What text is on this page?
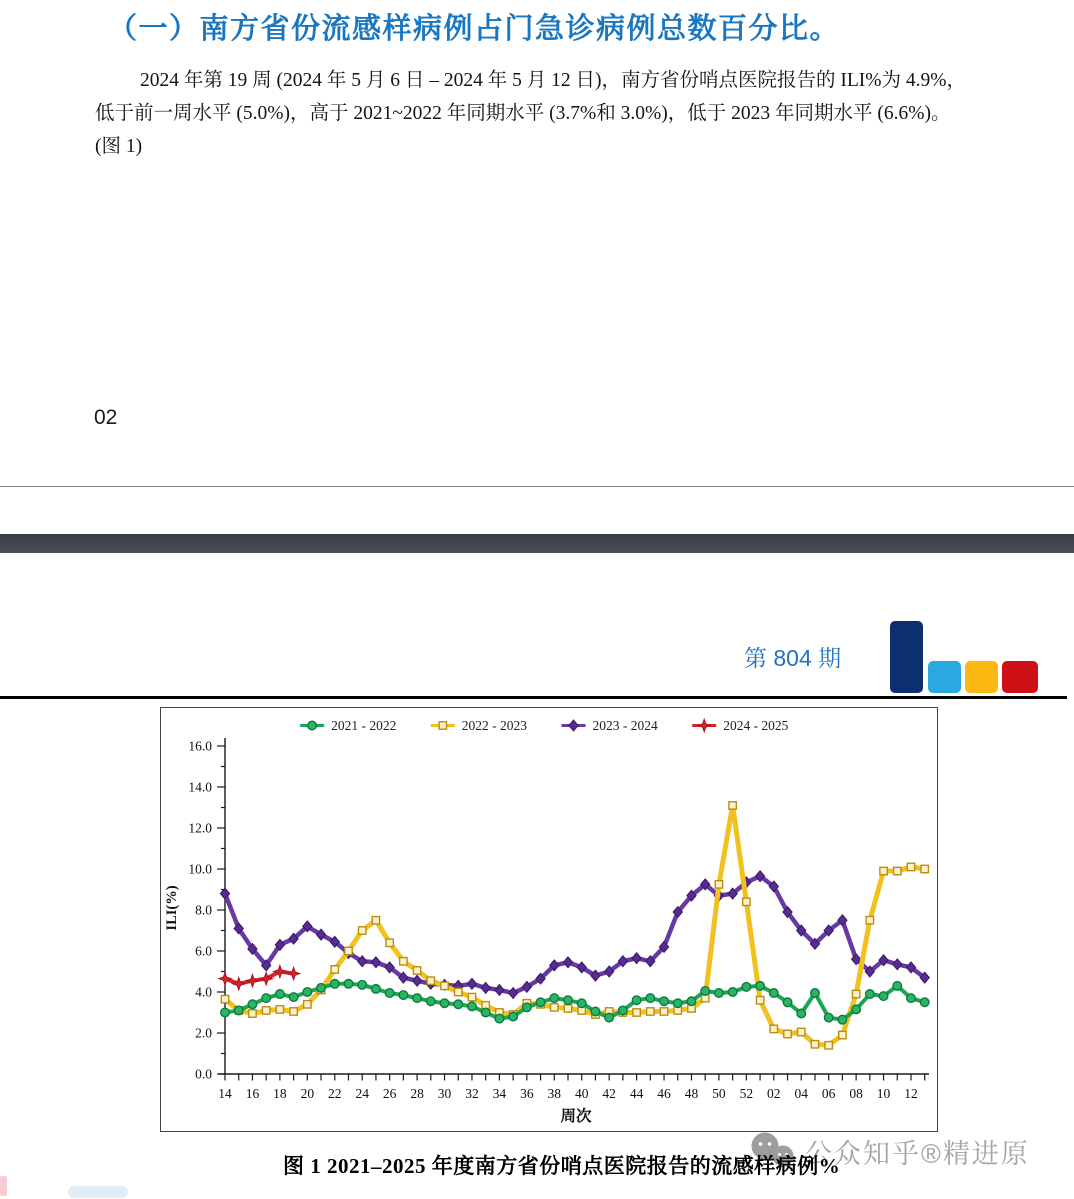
（一）南方省份流感样病例占门急诊病例总数百分比。
2024 年第 19 周 (2024 年 5 月 6 日 – 2024 年 5 月 12 日)，南方省份哨点医院报告的 ILI%为 4.9%，
低于前一周水平 (5.0%)，高于 2021~2022 年同期水平 (3.7%和 3.0%)，低于 2023 年同期水平 (6.6%)。
(图 1)
02
第 804 期
0.0
2.0
4.0
6.0
8.0
10.0
12.0
14.0
16.0
14 16 18 20 22 24 26 28 30 32 34 36 38 40 42 44 46 48 50 52 02 04 06 08 10 12
ILI(%)
周次
2021 - 2022	2022 - 2023	2023 - 2024	2024 - 2025
公众知乎®精进原
图 1 2021–2025 年度南方省份哨点医院报告的流感样病例%
